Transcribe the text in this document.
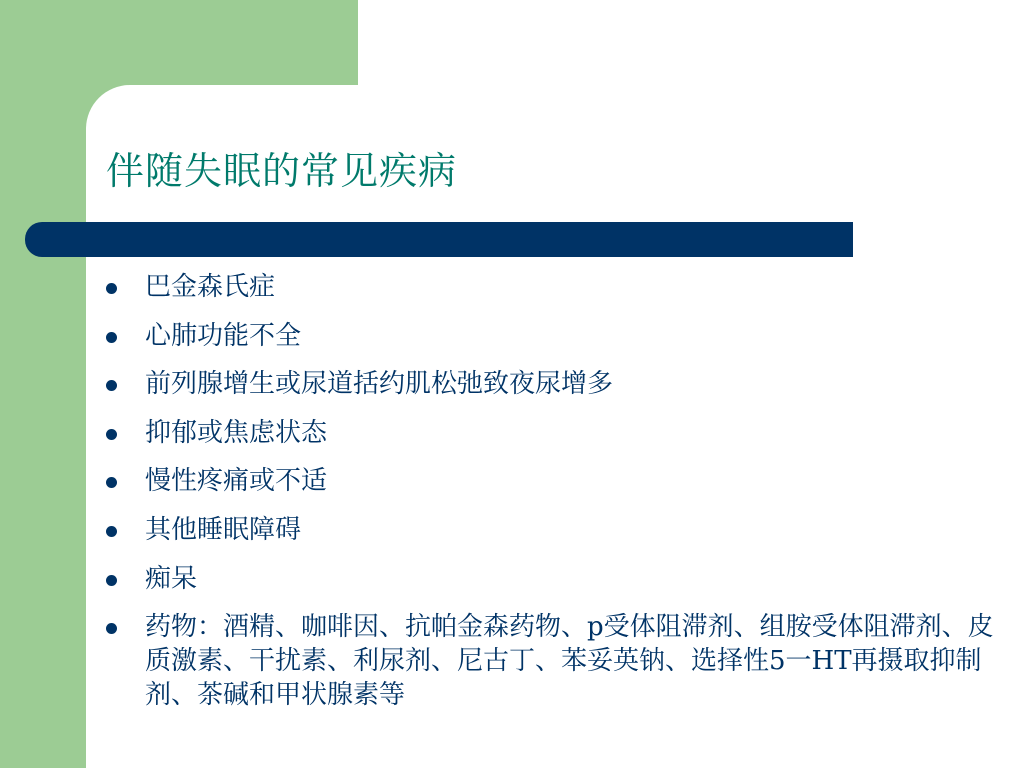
伴随失眠的常见疾病
巴金森氏症
心肺功能不全
前列腺增生或尿道括约肌松弛致夜尿增多
抑郁或焦虑状态
慢性疼痛或不适
其他睡眠障碍
痴呆
药物：酒精、咖啡因、抗帕金森药物、p受体阻滞剂、组胺受体阻滞剂、皮质激素、干扰素、利尿剂、尼古丁、苯妥英钠、选择性5一HT再摄取抑制剂、茶碱和甲状腺素等
